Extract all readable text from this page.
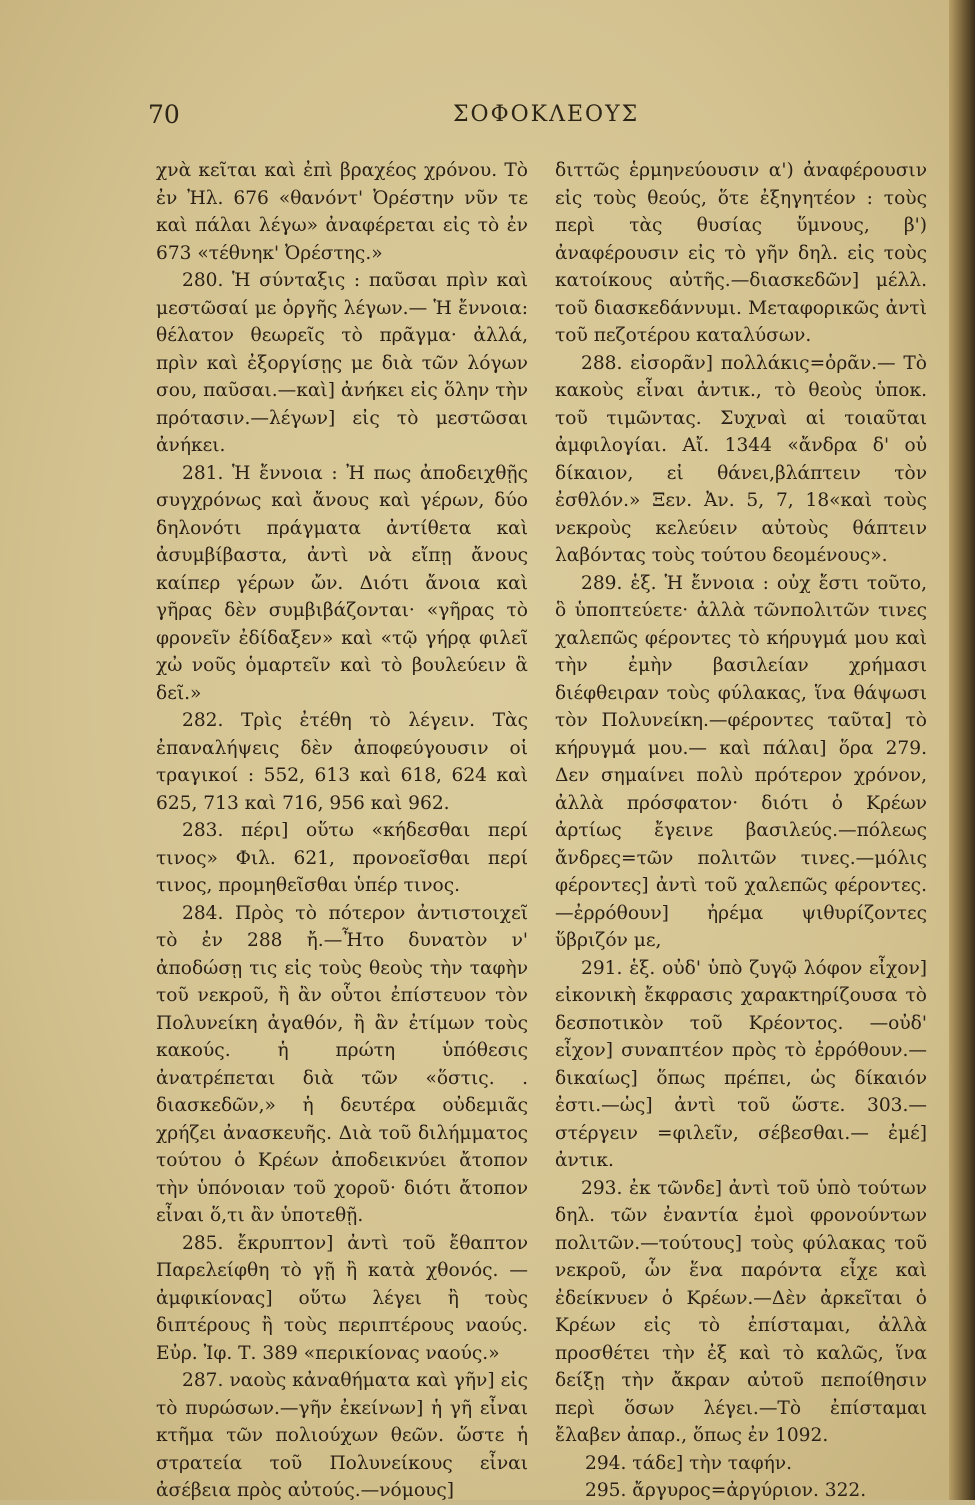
70	ΣΟΦΟΚΛΕΟΥΣ

χνὰ κεῖται καὶ ἐπὶ βραχέος χρόνου. Τὸ ἐν Ἠλ. 676 «θανόντ' Ὀρέστην νῦν τε καὶ πάλαι λέγω» ἀναφέρεται εἰς τὸ ἐν 673 «τέθνηκ' Ὀρέστης.»

280. Ἡ σύνταξις : παῦσαι πρὶν καὶ μεστῶσαί με ὀργῆς λέγων.— Ἡ ἔννοια: θέλατον θεωρεῖς τὸ πρᾶγμα· ἀλλά, πρὶν καὶ ἐξοργίσῃς με διὰ τῶν λόγων σου, παῦσαι.—καὶ] ἀνήκει εἰς ὅλην τὴν πρότασιν.—λέγων] εἰς τὸ μεστῶσαι ἀνήκει.

281. Ἡ ἔννοια : Ἠ πως ἀποδειχθῇς συγχρόνως καὶ ἄνους καὶ γέρων, δύο δηλονότι πράγματα ἀντίθετα καὶ ἀσυμβίβαστα, ἀντὶ νὰ εἴπῃ ἄνους καίπερ γέρων ὤν. Διότι ἄνοια καὶ γῆρας δὲν συμβιβάζονται· «γῆρας τὸ φρονεῖν ἐδίδαξεν» καὶ «τῷ γήρᾳ φιλεῖ χὠ νοῦς ὁμαρτεῖν καὶ τὸ βουλεύειν ἃ δεῖ.»

282. Τρὶς ἐτέθη τὸ λέγειν. Τὰς ἐπαναλήψεις δὲν ἀποφεύγουσιν οἱ τραγικοί : 552, 613 καὶ 618, 624 καὶ 625, 713 καὶ 716, 956 καὶ 962.

283. πέρι] οὕτω «κήδεσθαι περί τινος» Φιλ. 621, προνοεῖσθαι περί τινος, προμηθεῖσθαι ὑπέρ τινος.

284. Πρὸς τὸ πότερον ἀντιστοιχεῖ τὸ ἐν 288 ἤ.—Ἦτο δυνατὸν ν' ἀποδώσῃ τις εἰς τοὺς θεοὺς τὴν ταφὴν τοῦ νεκροῦ, ἢ ἂν οὗτοι ἐπίστευον τὸν Πολυνείκη ἀγαθόν, ἢ ἂν ἐτίμων τοὺς κακούς. ἡ πρώτη ὑπόθεσις ἀνατρέπεται διὰ τῶν «ὅστις. . διασκεδῶν,» ἡ δευτέρα οὐδεμιᾶς χρήζει ἀνασκευῆς. Διὰ τοῦ διλήμματος τούτου ὁ Κρέων ἀποδεικνύει ἄτοπον τὴν ὑπόνοιαν τοῦ χοροῦ· διότι ἄτοπον εἶναι ὅ,τι ἂν ὑποτεθῇ.

285. ἔκρυπτον] ἀντὶ τοῦ ἔθαπτον Παρελείφθη τὸ γῇ ἢ κατὰ χθονός. —ἀμφικίονας] οὕτω λέγει ἢ τοὺς διπτέρους ἢ τοὺς περιπτέρους ναούς. Εὐρ. Ἰφ. Τ. 389 «περικίονας ναούς.»

287. ναοὺς κἀναθήματα καὶ γῆν] εἰς τὸ πυρώσων.—γῆν ἐκείνων] ἡ γῆ εἶναι κτῆμα τῶν πολιούχων θεῶν. ὥστε ἡ στρατεία τοῦ Πολυνείκους εἶναι ἀσέβεια πρὸς αὐτούς.—νόμους]

διττῶς ἑρμηνεύουσιν α') ἀναφέρουσιν εἰς τοὺς θεούς, ὅτε ἐξηγητέον : τοὺς περὶ τὰς θυσίας ὕμνους, β') ἀναφέρουσιν εἰς τὸ γῆν δηλ. εἰς τοὺς κατοίκους αὐτῆς.—διασκεδῶν] μέλλ. τοῦ διασκεδάννυμι. Μεταφορικῶς ἀντὶ τοῦ πεζοτέρου καταλύσων.

288. εἰσορᾶν] πολλάκις=ὁρᾶν.— Τὸ κακοὺς εἶναι ἀντικ., τὸ θεοὺς ὑποκ. τοῦ τιμῶντας. Συχναὶ αἱ τοιαῦται ἀμφιλογίαι. Αἴ. 1344 «ἄνδρα δ' οὐ δίκαιον, εἰ θάνει,βλάπτειν τὸν ἐσθλόν.» Ξεν. Ἀν. 5, 7, 18«καὶ τοὺς νεκροὺς κελεύειν αὐτοὺς θάπτειν λαβόντας τοὺς τούτου δεομένους».

289. ἑξ. Ἡ ἔννοια : οὐχ ἔστι τοῦτο, ὃ ὑποπτεύετε· ἀλλὰ τῶνπολιτῶν τινες χαλεπῶς φέροντες τὸ κήρυγμά μου καὶ τὴν ἐμὴν βασιλείαν χρήμασι διέφθειραν τοὺς φύλακας, ἵνα θάψωσι τὸν Πολυνείκη.—φέροντες ταῦτα] τὸ κήρυγμά μου.— καὶ πάλαι] ὅρα 279. Δεν σημαίνει πολὺ πρότερον χρόνον, ἀλλὰ πρόσφατον· διότι ὁ Κρέων ἀρτίως ἔγεινε βασιλεύς.—πόλεως ἄνδρες=τῶν πολιτῶν τινες.—μόλις φέροντες] ἀντὶ τοῦ χαλεπῶς φέροντες.—ἐρρόθουν] ἠρέμα ψιθυρίζοντες ὕβριζόν με,

291. ἑξ. οὐδ' ὑπὸ ζυγῷ λόφον εἶχον] εἰκονικὴ ἔκφρασις χαρακτηρίζουσα τὸ δεσποτικὸν τοῦ Κρέοντος. —οὐδ' εἶχον] συναπτέον πρὸς τὸ ἐρρόθουν.—δικαίως] ὅπως πρέπει, ὡς δίκαιόν ἐστι.—ὡς] ἀντὶ τοῦ ὥστε. 303.—στέργειν =φιλεῖν, σέβεσθαι.— ἐμέ] ἀντικ.

293. ἐκ τῶνδε] ἀντὶ τοῦ ὑπὸ τούτων δηλ. τῶν ἐναντία ἐμοὶ φρονούντων πολιτῶν.—τούτους] τοὺς φύλακας τοῦ νεκροῦ, ὧν ἕνα παρόντα εἶχε καὶ ἐδείκνυεν ὁ Κρέων.—Δὲν ἀρκεῖται ὁ Κρέων εἰς τὸ ἐπίσταμαι, ἀλλὰ προσθέτει τὴν ἐξ καὶ τὸ καλῶς, ἵνα δείξῃ τὴν ἄκραν αὐτοῦ πεποίθησιν περὶ ὅσων λέγει.—Τὸ ἐπίσταμαι ἔλαβεν ἀπαρ., ὅπως ἐν 1092.

294. τάδε] τὴν ταφήν.

295. ἄργυρος=ἀργύριον. 322.
